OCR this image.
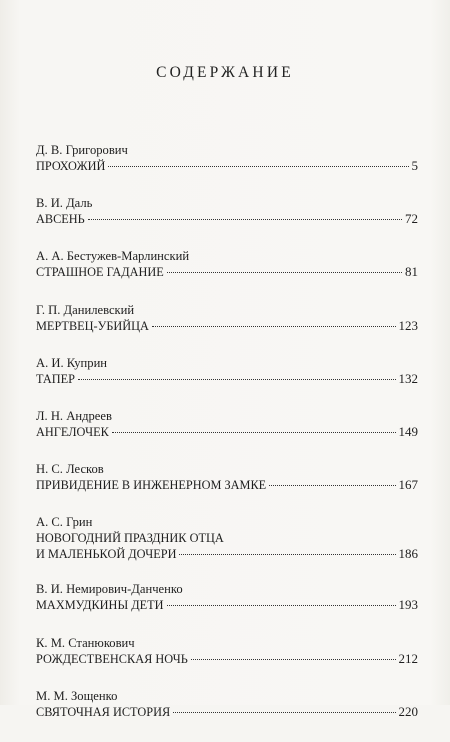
СОДЕРЖАНИЕ
Д. В. Григорович
ПРОХОЖИЙ	5
В. И. Даль
АВСЕНЬ	72
А. А. Бестужев-Марлинский
СТРАШНОЕ ГАДАНИЕ	81
Г. П. Данилевский
МЕРТВЕЦ-УБИЙЦА	123
А. И. Куприн
ТАПЕР	132
Л. Н. Андреев
АНГЕЛОЧЕК	149
Н. С. Лесков
ПРИВИДЕНИЕ В ИНЖЕНЕРНОМ ЗАМКЕ	167
А. С. Грин
НОВОГОДНИЙ ПРАЗДНИК ОТЦА
И МАЛЕНЬКОЙ ДОЧЕРИ	186
В. И. Немирович-Данченко
МАХМУДКИНЫ ДЕТИ	193
К. М. Станюкович
РОЖДЕСТВЕНСКАЯ НОЧЬ	212
М. М. Зощенко
СВЯТОЧНАЯ ИСТОРИЯ	220
